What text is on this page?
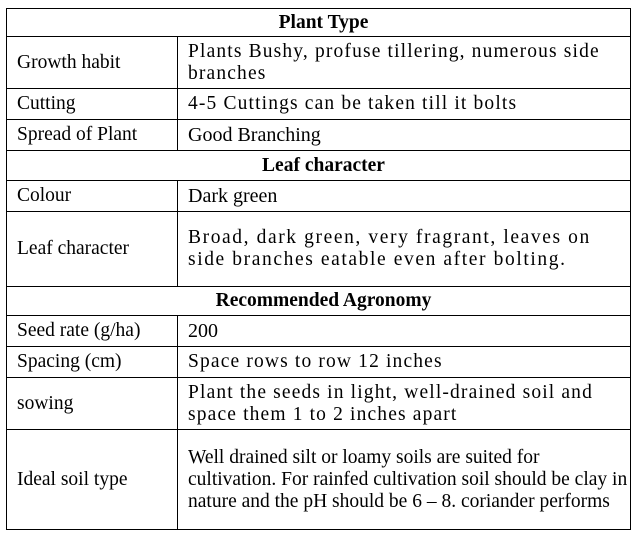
Plant Type	
Growth habit	Plants Bushy, profuse tillering, numerous side branches
Cutting	4-5 Cuttings can be taken till it bolts
Spread of Plant	Good Branching
Leaf character	
Colour	Dark green
Leaf character	Broad, dark green, very fragrant, leaves on side branches eatable even after bolting.
Recommended Agronomy	
Seed rate (g/ha)	200
Spacing (cm)	Space rows to row 12 inches
sowing	Plant the seeds in light, well-drained soil and space them 1 to 2 inches apart
Ideal soil type	Well drained silt or loamy soils are suited for cultivation. For rainfed cultivation soil should be clay in nature and the pH should be 6 – 8. coriander performs
